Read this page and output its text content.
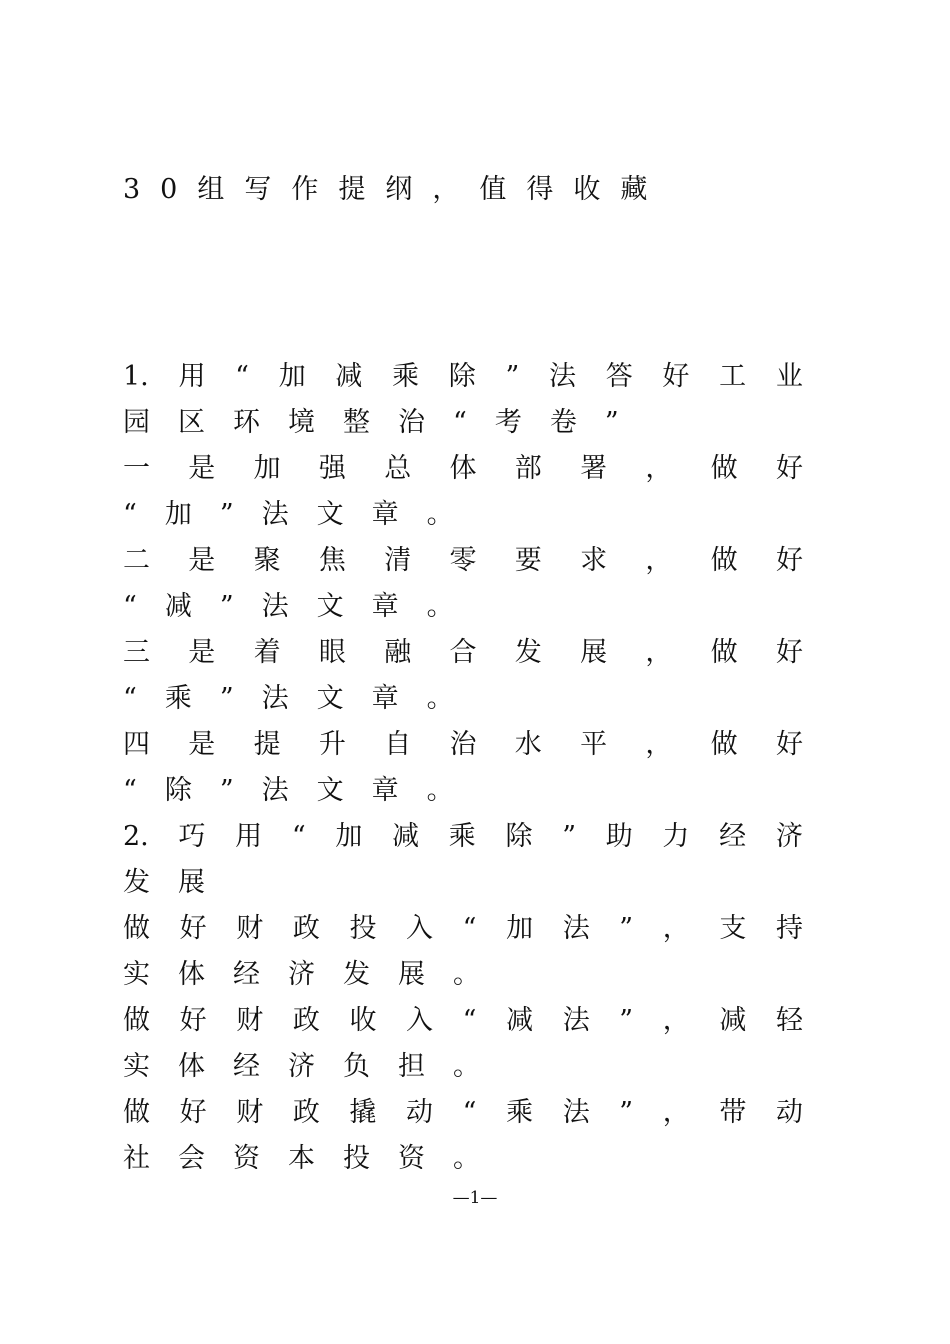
30组写作提纲，值得收藏
1. 用 “ 加 减 乘 除 ” 法 答 好 工 业
园 区 环 境 整 治 “ 考 卷 ”
一 是 加 强 总 体 部 署 ， 做 好
“ 加 ” 法 文 章 。
二 是 聚 焦 清 零 要 求 ， 做 好
“ 减 ” 法 文 章 。
三 是 着 眼 融 合 发 展 ， 做 好
“ 乘 ” 法 文 章 。
四 是 提 升 自 治 水 平 ， 做 好
“ 除 ” 法 文 章 。
2. 巧 用 “ 加 减 乘 除 ” 助 力 经 济
发 展
做 好 财 政 投 入 “ 加 法 ” ， 支 持
实 体 经 济 发 展 。
做 好 财 政 收 入 “ 减 法 ” ， 减 轻
实 体 经 济 负 担 。
做 好 财 政 撬 动 “ 乘 法 ” ， 带 动
社 会 资 本 投 资 。
—1—
